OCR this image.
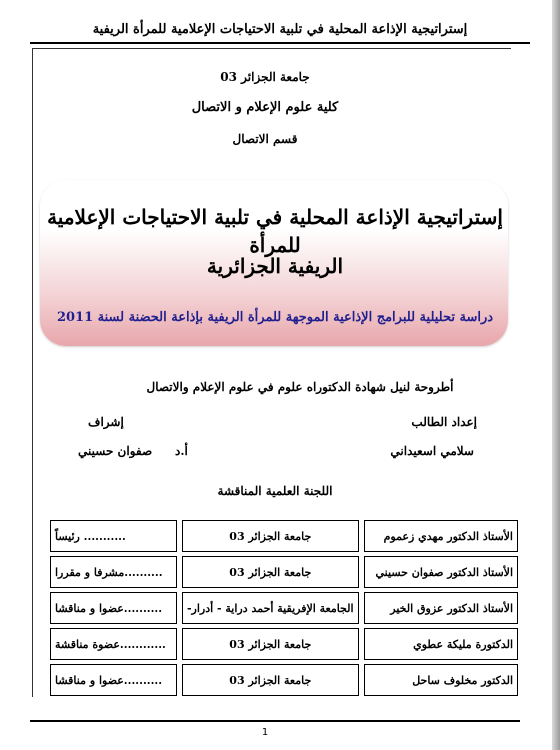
إستراتيجية الإذاعة المحلية في تلبية الاحتياجات الإعلامية للمرأة الريفية
جامعة الجزائر 03
كلية علوم الإعلام و الاتصال
قسم الاتصال
إستراتيجية الإذاعة المحلية في تلبية الاحتياجات الإعلامية للمرأة
الريفية الجزائرية
دراسة تحليلية للبرامج الإذاعية الموجهة للمرأة الريفية بإذاعة الحضنة لسنة 2011
أطروحة لنيل شهادة الدكتوراه علوم في علوم الإعلام والاتصال
إعداد الطالب
إشراف
سلامي اسعيداني
أ.د
صفوان حسيني
اللجنة العلمية المناقشة
الأستاذ الدكتور مهدي زعموم		جامعة الجزائر 03		........... رئيساً

الأستاذ الدكتور صفوان حسيني		جامعة الجزائر 03		..........مشرفا و مقررا

الأستاذ الدكتور عزوق الخير		الجامعة الإفريقية أحمد دراية - أدرار-		..........عضوا و مناقشا

الدكتورة مليكة عطوي		جامعة الجزائر 03		............عضوة مناقشة

الدكتور مخلوف ساحل		جامعة الجزائر 03		..........عضوا و مناقشا
1
